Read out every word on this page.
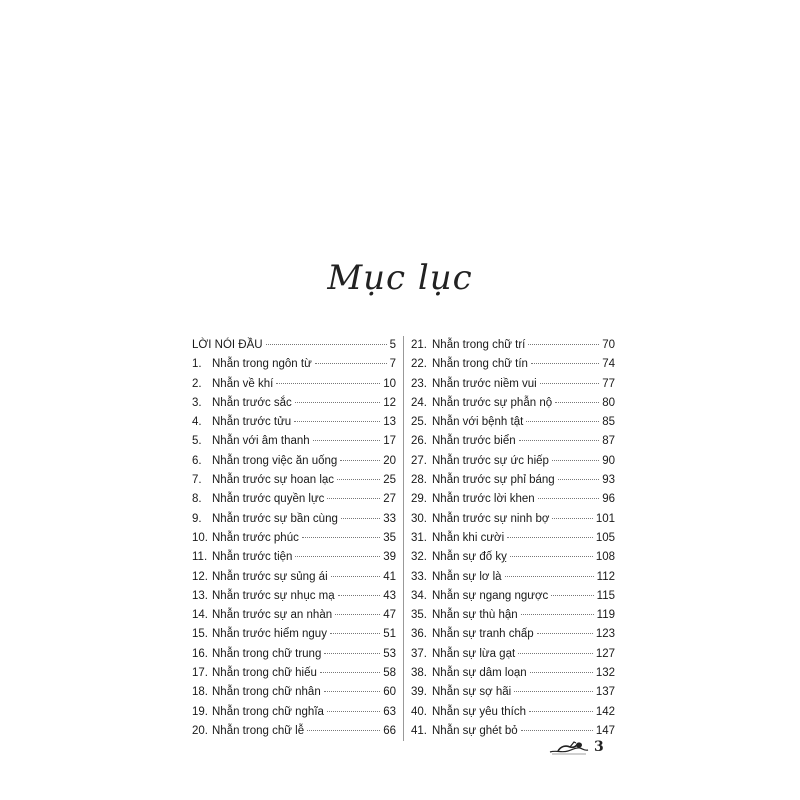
Mục lục
LỜI NÓI ĐẦU	5
1. Nhẫn trong ngôn từ	7
2. Nhẫn về khí	10
3. Nhẫn trước sắc	12
4. Nhẫn trước tửu	13
5. Nhẫn với âm thanh	17
6. Nhẫn trong việc ăn uống	20
7. Nhẫn trước sự hoan lạc	25
8. Nhẫn trước quyền lực	27
9. Nhẫn trước sự bần cùng	33
10. Nhẫn trước phúc	35
11. Nhẫn trước tiện	39
12. Nhẫn trước sự sủng ái	41
13. Nhẫn trước sự nhục mạ	43
14. Nhẫn trước sự an nhàn	47
15. Nhẫn trước hiểm nguy	51
16. Nhẫn trong chữ trung	53
17. Nhẫn trong chữ hiếu	58
18. Nhẫn trong chữ nhân	60
19. Nhẫn trong chữ nghĩa	63
20. Nhẫn trong chữ lễ	66
21. Nhẫn trong chữ trí	70
22. Nhẫn trong chữ tín	74
23. Nhẫn trước niềm vui	77
24. Nhẫn trước sự phẫn nộ	80
25. Nhẫn với bệnh tật	85
26. Nhẫn trước biển	87
27. Nhẫn trước sự ức hiếp	90
28. Nhẫn trước sự phỉ báng	93
29. Nhẫn trước lời khen	96
30. Nhẫn trước sự ninh bợ	101
31. Nhẫn khi cười	105
32. Nhẫn sự đố kỵ	108
33. Nhẫn sự lơ là	112
34. Nhẫn sự ngang ngược	115
35. Nhẫn sự thù hận	119
36. Nhẫn sự tranh chấp	123
37. Nhẫn sự lừa gạt	127
38. Nhẫn sự dâm loạn	132
39. Nhẫn sự sợ hãi	137
40. Nhẫn sự yêu thích	142
41. Nhẫn sự ghét bỏ	147
3
